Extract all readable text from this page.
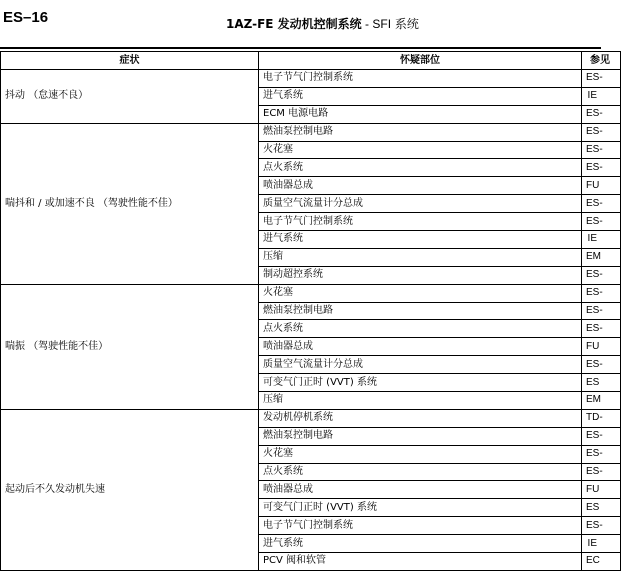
ES–16	1AZ-FE 发动机控制系统 - SFI 系统
症状	怀疑部位	参见
抖动 （怠速不良）	电子节气门控制系统	ES-
	进气系统	IE
	ECM 电源电路	ES-
喘抖和 / 或加速不良 （驾驶性能不佳）	燃油泵控制电路	ES-
	火花塞	ES-
	点火系统	ES-
	喷油器总成	FU
	质量空气流量计分总成	ES-
	电子节气门控制系统	ES-
	进气系统	IE
	压缩	EM
	制动超控系统	ES-
喘振 （驾驶性能不佳）	火花塞	ES-
	燃油泵控制电路	ES-
	点火系统	ES-
	喷油器总成	FU
	质量空气流量计分总成	ES-
	可变气门正时 (VVT) 系统	ES
	压缩	EM
起动后不久发动机失速	发动机停机系统	TD-
	燃油泵控制电路	ES-
	火花塞	ES-
	点火系统	ES-
	喷油器总成	FU
	可变气门正时 (VVT) 系统	ES
	电子节气门控制系统	ES-
	进气系统	IE
	PCV 阀和软管	EC
